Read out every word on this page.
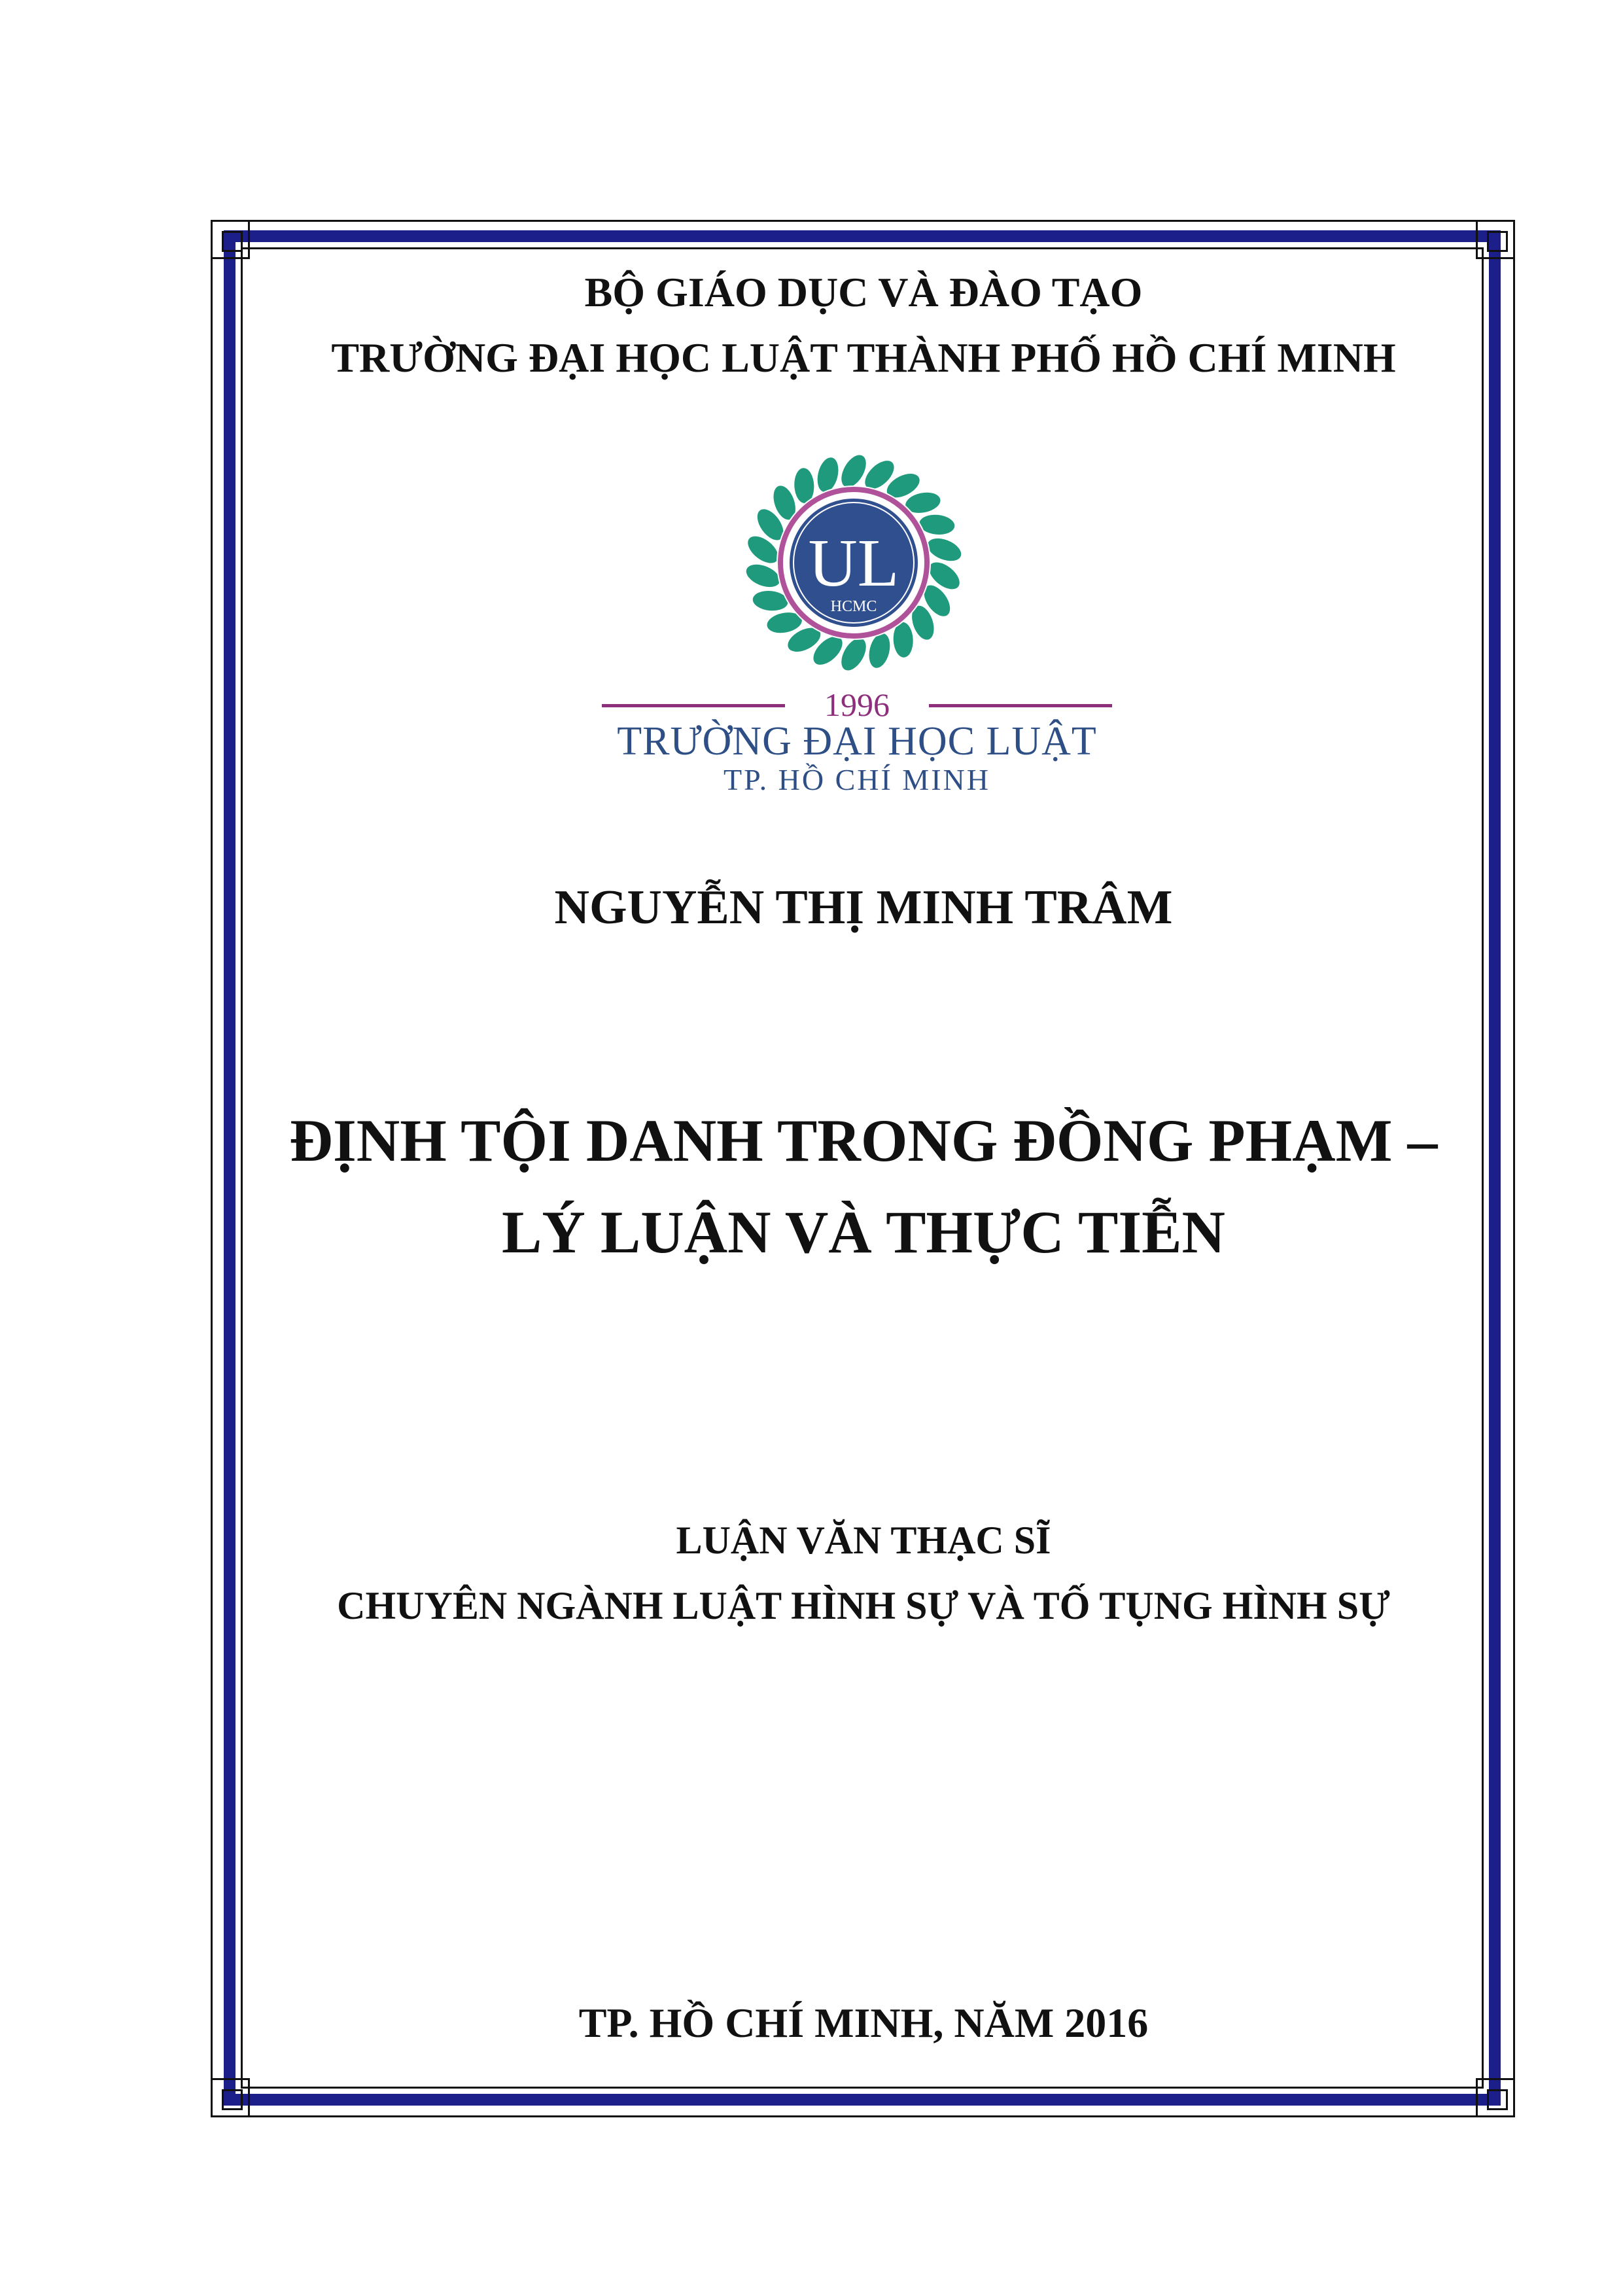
BỘ GIÁO DỤC VÀ ĐÀO TẠO

TRƯỜNG ĐẠI HỌC LUẬT THÀNH PHỐ HỒ CHÍ MINH

UL
HCMC
1996
TRƯỜNG ĐẠI HỌC LUẬT
TP. HỒ CHÍ MINH

NGUYỄN THỊ MINH TRÂM

ĐỊNH TỘI DANH TRONG ĐỒNG PHẠM –

LÝ LUẬN VÀ THỰC TIỄN

LUẬN VĂN THẠC SĨ

CHUYÊN NGÀNH LUẬT HÌNH SỰ VÀ TỐ TỤNG HÌNH SỰ

TP. HỒ CHÍ MINH, NĂM 2016
